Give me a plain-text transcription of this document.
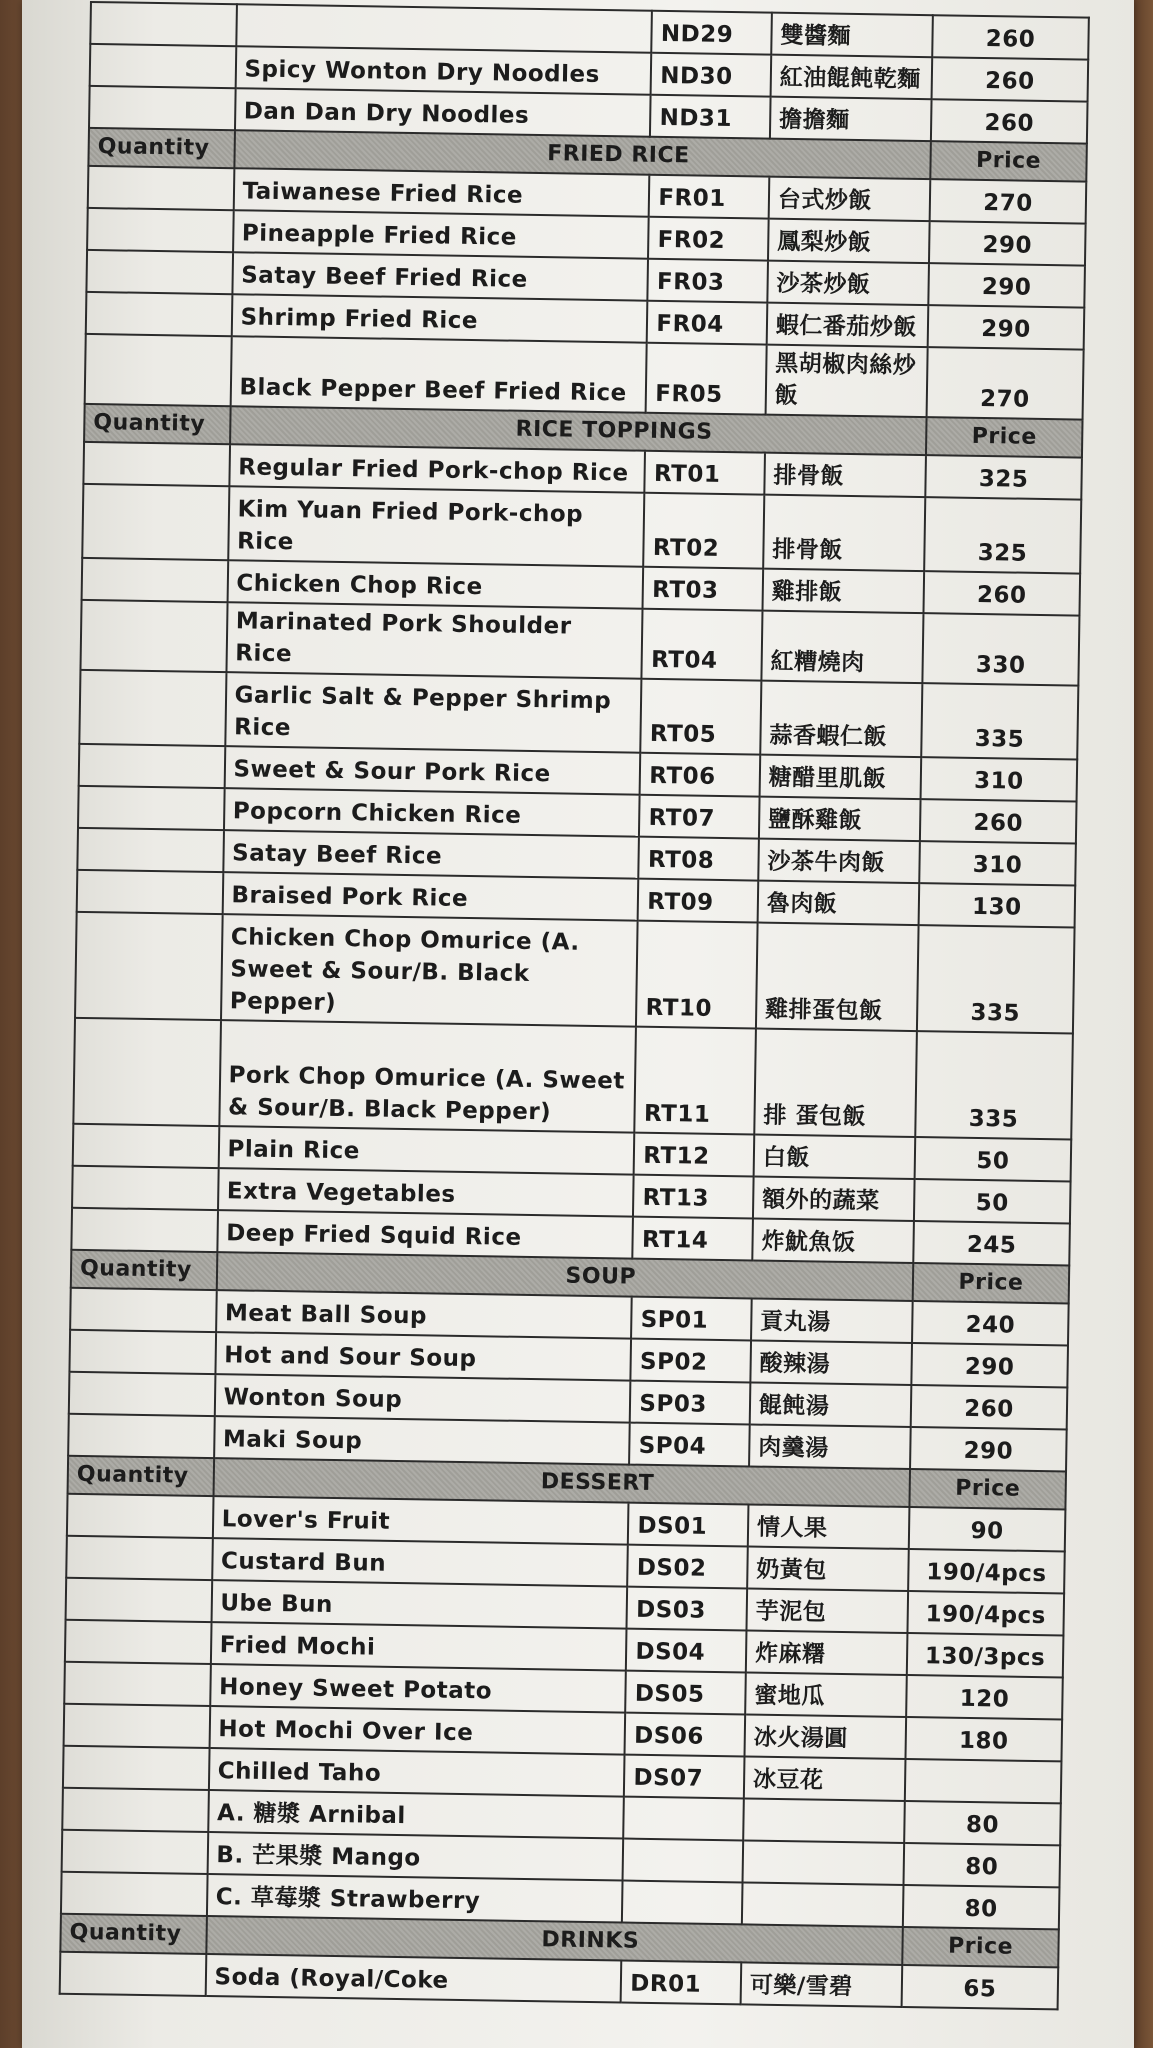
		ND29	雙醬麵	260
	Spicy Wonton Dry Noodles	ND30	紅油餛飩乾麵	260
	Dan Dan Dry Noodles	ND31	擔擔麵	260
Quantity	FRIED RICE			Price
	Taiwanese Fried Rice	FR01	台式炒飯	270
	Pineapple Fried Rice	FR02	鳳梨炒飯	290
	Satay Beef Fried Rice	FR03	沙茶炒飯	290
	Shrimp Fried Rice	FR04	蝦仁番茄炒飯	290
	Black Pepper Beef Fried Rice	FR05	黑胡椒肉絲炒飯	270
Quantity	RICE TOPPINGS			Price
	Regular Fried Pork-chop Rice	RT01	排骨飯	325
	Kim Yuan Fried Pork-chop Rice	RT02	排骨飯	325
	Chicken Chop Rice	RT03	雞排飯	260
	Marinated Pork Shoulder Rice	RT04	紅糟燒肉	330
	Garlic Salt & Pepper Shrimp Rice	RT05	蒜香蝦仁飯	335
	Sweet & Sour Pork Rice	RT06	糖醋里肌飯	310
	Popcorn Chicken Rice	RT07	鹽酥雞飯	260
	Satay Beef Rice	RT08	沙茶牛肉飯	310
	Braised Pork Rice	RT09	魯肉飯	130
	Chicken Chop Omurice (A. Sweet & Sour/B. Black Pepper)	RT10	雞排蛋包飯	335
	Pork Chop Omurice (A. Sweet & Sour/B. Black Pepper)	RT11	排 蛋包飯	335
	Plain Rice	RT12	白飯	50
	Extra Vegetables	RT13	額外的蔬菜	50
	Deep Fried Squid Rice	RT14	炸魷魚饭	245
Quantity	SOUP			Price
	Meat Ball Soup	SP01	貢丸湯	240
	Hot and Sour Soup	SP02	酸辣湯	290
	Wonton Soup	SP03	餛飩湯	260
	Maki Soup	SP04	肉羹湯	290
Quantity	DESSERT			Price
	Lover's Fruit	DS01	情人果	90
	Custard Bun	DS02	奶黃包	190/4pcs
	Ube Bun	DS03	芋泥包	190/4pcs
	Fried Mochi	DS04	炸麻糬	130/3pcs
	Honey Sweet Potato	DS05	蜜地瓜	120
	Hot Mochi Over Ice	DS06	冰火湯圓	180
	Chilled Taho	DS07	冰豆花	
	A. 糖漿 Arnibal			80
	B. 芒果漿 Mango			80
	C. 草莓漿 Strawberry			80
Quantity	DRINKS			Price
	Soda (Royal/Coke	DR01	可樂/雪碧	65
